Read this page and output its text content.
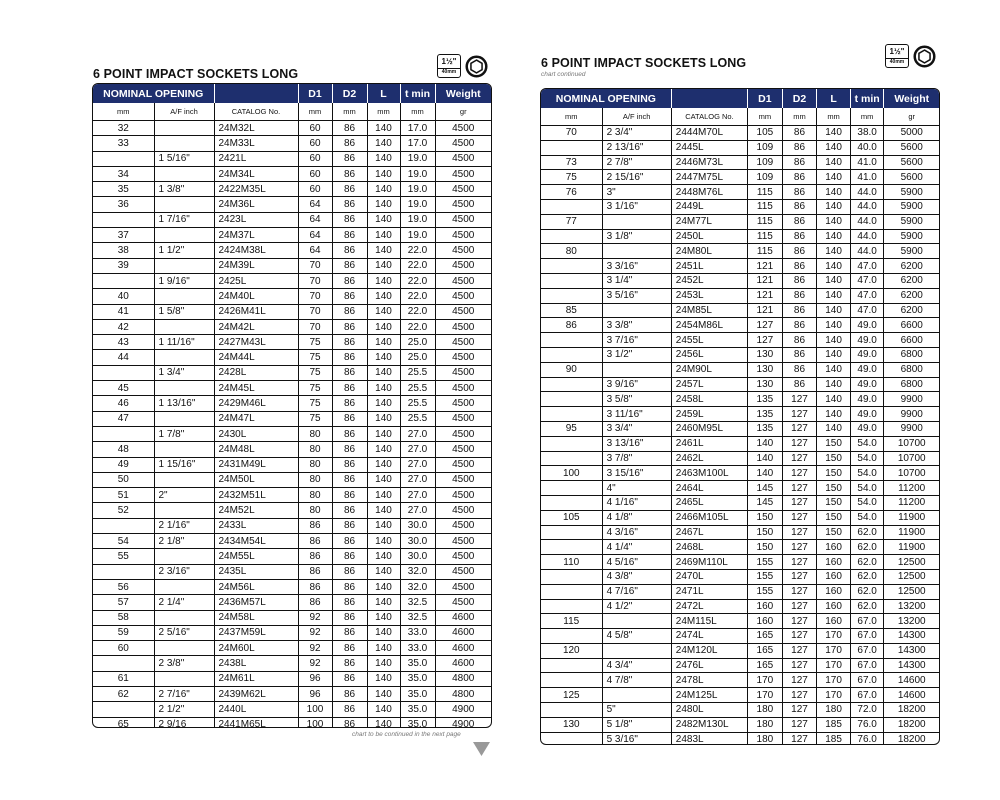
6 POINT IMPACT SOCKETS LONG
1½"
40mm
NOMINAL OPENING			D1	D2	L	t min	Weight
mm	A/F inch	CATALOG No.	mm	mm	mm	mm	gr
32		24M32L	60	86	140	17.0	4500
33		24M33L	60	86	140	17.0	4500
	1 5/16"	2421L	60	86	140	19.0	4500
34		24M34L	60	86	140	19.0	4500
35	1 3/8"	2422M35L	60	86	140	19.0	4500
36		24M36L	64	86	140	19.0	4500
	1 7/16"	2423L	64	86	140	19.0	4500
37		24M37L	64	86	140	19.0	4500
38	1 1/2"	2424M38L	64	86	140	22.0	4500
39		24M39L	70	86	140	22.0	4500
	1 9/16"	2425L	70	86	140	22.0	4500
40		24M40L	70	86	140	22.0	4500
41	1 5/8"	2426M41L	70	86	140	22.0	4500
42		24M42L	70	86	140	22.0	4500
43	1 11/16"	2427M43L	75	86	140	25.0	4500
44		24M44L	75	86	140	25.0	4500
	1 3/4"	2428L	75	86	140	25.5	4500
45		24M45L	75	86	140	25.5	4500
46	1 13/16"	2429M46L	75	86	140	25.5	4500
47		24M47L	75	86	140	25.5	4500
	1 7/8"	2430L	80	86	140	27.0	4500
48		24M48L	80	86	140	27.0	4500
49	1 15/16"	2431M49L	80	86	140	27.0	4500
50		24M50L	80	86	140	27.0	4500
51	2"	2432M51L	80	86	140	27.0	4500
52		24M52L	80	86	140	27.0	4500
	2 1/16"	2433L	86	86	140	30.0	4500
54	2 1/8"	2434M54L	86	86	140	30.0	4500
55		24M55L	86	86	140	30.0	4500
	2 3/16"	2435L	86	86	140	32.0	4500
56		24M56L	86	86	140	32.0	4500
57	2 1/4"	2436M57L	86	86	140	32.5	4500
58		24M58L	92	86	140	32.5	4600
59	2 5/16"	2437M59L	92	86	140	33.0	4600
60		24M60L	92	86	140	33.0	4600
	2 3/8"	2438L	92	86	140	35.0	4600
61		24M61L	96	86	140	35.0	4800
62	2 7/16"	2439M62L	96	86	140	35.0	4800
	2 1/2"	2440L	100	86	140	35.0	4900
65	2 9/16	2441M65L	100	86	140	35.0	4900

chart to be continued in the next page
6 POINT IMPACT SOCKETS LONG
chart continued
1½"
40mm
NOMINAL OPENING			D1	D2	L	t min	Weight
mm	A/F inch	CATALOG No.	mm	mm	mm	mm	gr
70	2 3/4"	2444M70L	105	86	140	38.0	5000
	2 13/16"	2445L	109	86	140	40.0	5600
73	2 7/8"	2446M73L	109	86	140	41.0	5600
75	2 15/16"	2447M75L	109	86	140	41.0	5600
76	3"	2448M76L	115	86	140	44.0	5900
	3 1/16"	2449L	115	86	140	44.0	5900
77		24M77L	115	86	140	44.0	5900
	3 1/8"	2450L	115	86	140	44.0	5900
80		24M80L	115	86	140	44.0	5900
	3 3/16"	2451L	121	86	140	47.0	6200
	3 1/4"	2452L	121	86	140	47.0	6200
	3 5/16"	2453L	121	86	140	47.0	6200
85		24M85L	121	86	140	47.0	6200
86	3 3/8"	2454M86L	127	86	140	49.0	6600
	3 7/16"	2455L	127	86	140	49.0	6600
	3 1/2"	2456L	130	86	140	49.0	6800
90		24M90L	130	86	140	49.0	6800
	3 9/16"	2457L	130	86	140	49.0	6800
	3 5/8"	2458L	135	127	140	49.0	9900
	3 11/16"	2459L	135	127	140	49.0	9900
95	3 3/4"	2460M95L	135	127	140	49.0	9900
	3 13/16"	2461L	140	127	150	54.0	10700
	3 7/8"	2462L	140	127	150	54.0	10700
100	3 15/16"	2463M100L	140	127	150	54.0	10700
	4"	2464L	145	127	150	54.0	11200
	4 1/16"	2465L	145	127	150	54.0	11200
105	4 1/8"	2466M105L	150	127	150	54.0	11900
	4 3/16"	2467L	150	127	150	62.0	11900
	4 1/4"	2468L	150	127	160	62.0	11900
110	4 5/16"	2469M110L	155	127	160	62.0	12500
	4 3/8"	2470L	155	127	160	62.0	12500
	4 7/16"	2471L	155	127	160	62.0	12500
	4 1/2"	2472L	160	127	160	62.0	13200
115		24M115L	160	127	160	67.0	13200
	4 5/8"	2474L	165	127	170	67.0	14300
120		24M120L	165	127	170	67.0	14300
	4 3/4"	2476L	165	127	170	67.0	14300
	4 7/8"	2478L	170	127	170	67.0	14600
125		24M125L	170	127	170	67.0	14600
	5"	2480L	180	127	180	72.0	18200
130	5 1/8"	2482M130L	180	127	185	76.0	18200
	5 3/16"	2483L	180	127	185	76.0	18200
